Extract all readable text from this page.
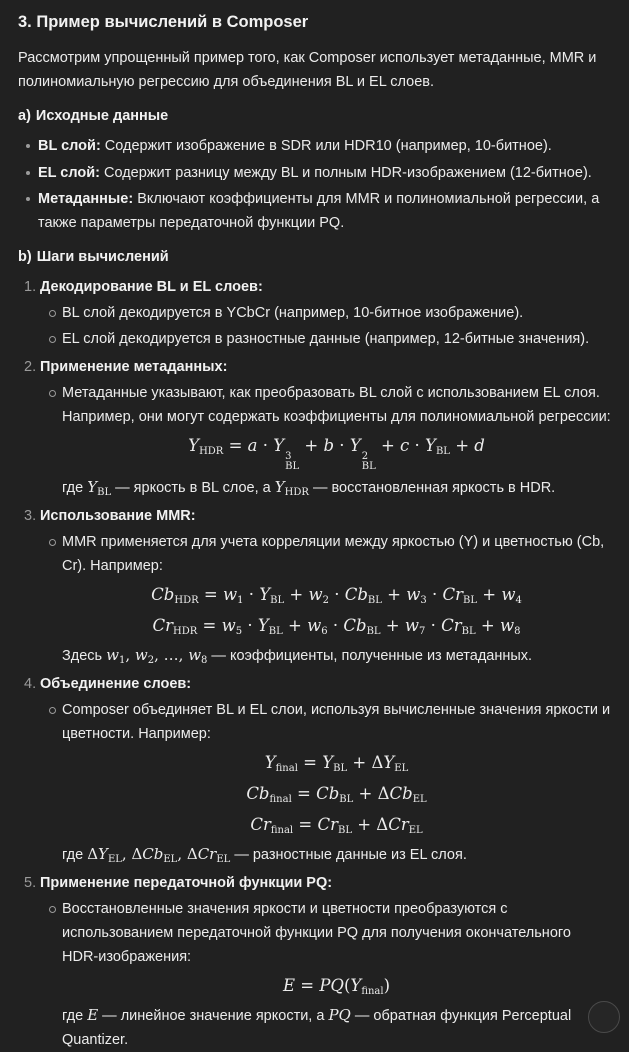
3. Пример вычислений в Composer

Рассмотрим упрощенный пример того, как Composer использует метаданные, MMR и полиномиальную регрессию для объединения BL и EL слоев.

a) Исходные данные

BL слой: Содержит изображение в SDR или HDR10 (например, 10-битное).
EL слой: Содержит разницу между BL и полным HDR-изображением (12-битное).
Метаданные: Включают коэффициенты для MMR и полиномиальной регрессии, а также параметры передаточной функции PQ.

b) Шаги вычислений

1. Декодирование BL и EL слоев:
BL слой декодируется в YCbCr (например, 10-битное изображение).
EL слой декодируется в разностные данные (например, 12-битные значения).
2. Применение метаданных:
Метаданные указывают, как преобразовать BL слой с использованием EL слоя. Например, они могут содержать коэффициенты для полиномиальной регрессии:
$Y_{HDR} = a \cdot Y$
3
BL
+ b · Y
2
BL
+ $c \cdot Y_{BL} + d$
где $Y_{BL}$ — яркость в BL слое, а $Y_{HDR}$ — восстановленная яркость в HDR.
3. Использование MMR:
MMR применяется для учета корреляции между яркостью (Y) и цветностью (Cb, Cr). Например:
$Cb_{HDR} = w_1 \cdot Y_{BL} + w_2 \cdot Cb_{BL} + w_3 \cdot Cr_{BL} + w_4$
$Cr_{HDR} = w_5 \cdot Y_{BL} + w_6 \cdot Cb_{BL} + w_7 \cdot Cr_{BL} + w_8$
Здесь $w_1$, $w_2$, …, $w_8$ — коэффициенты, полученные из метаданных.
4. Объединение слоев:
Composer объединяет BL и EL слои, используя вычисленные значения яркости и цветности. Например:
$Y_{final} = Y_{BL} + \Delta Y_{EL}$
$Cb_{final} = Cb_{BL} + \Delta Cb_{EL}$
$Cr_{final} = Cr_{BL} + \Delta Cr_{EL}$
где $\Delta Y_{EL}$, ΔCb$_{EL}$, ΔCr$_{EL}$ — разностные данные из EL слоя.
5. Применение передаточной функции PQ:
Восстановленные значения яркости и цветности преобразуются с использованием передаточной функции PQ для получения окончательного HDR-изображения:
$E = PQ(Y_{final})$
где E — линейное значение яркости, а PQ — обратная функция Perceptual Quantizer.
